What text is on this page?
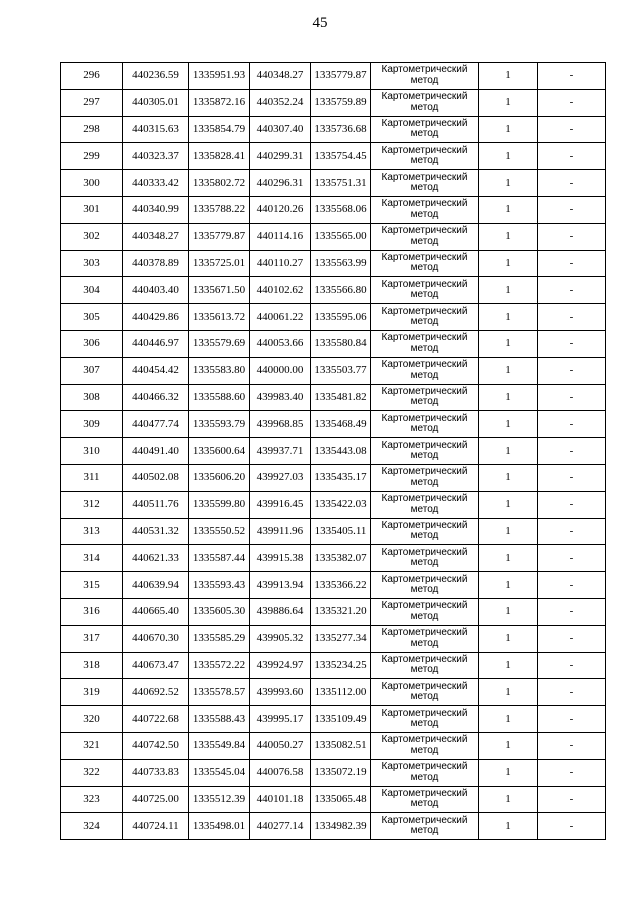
45
296	440236.59	1335951.93	440348.27	1335779.87	Картометрический
метод	1	-
297	440305.01	1335872.16	440352.24	1335759.89	Картометрический
метод	1	-
298	440315.63	1335854.79	440307.40	1335736.68	Картометрический
метод	1	-
299	440323.37	1335828.41	440299.31	1335754.45	Картометрический
метод	1	-
300	440333.42	1335802.72	440296.31	1335751.31	Картометрический
метод	1	-
301	440340.99	1335788.22	440120.26	1335568.06	Картометрический
метод	1	-
302	440348.27	1335779.87	440114.16	1335565.00	Картометрический
метод	1	-
303	440378.89	1335725.01	440110.27	1335563.99	Картометрический
метод	1	-
304	440403.40	1335671.50	440102.62	1335566.80	Картометрический
метод	1	-
305	440429.86	1335613.72	440061.22	1335595.06	Картометрический
метод	1	-
306	440446.97	1335579.69	440053.66	1335580.84	Картометрический
метод	1	-
307	440454.42	1335583.80	440000.00	1335503.77	Картометрический
метод	1	-
308	440466.32	1335588.60	439983.40	1335481.82	Картометрический
метод	1	-
309	440477.74	1335593.79	439968.85	1335468.49	Картометрический
метод	1	-
310	440491.40	1335600.64	439937.71	1335443.08	Картометрический
метод	1	-
311	440502.08	1335606.20	439927.03	1335435.17	Картометрический
метод	1	-
312	440511.76	1335599.80	439916.45	1335422.03	Картометрический
метод	1	-
313	440531.32	1335550.52	439911.96	1335405.11	Картометрический
метод	1	-
314	440621.33	1335587.44	439915.38	1335382.07	Картометрический
метод	1	-
315	440639.94	1335593.43	439913.94	1335366.22	Картометрический
метод	1	-
316	440665.40	1335605.30	439886.64	1335321.20	Картометрический
метод	1	-
317	440670.30	1335585.29	439905.32	1335277.34	Картометрический
метод	1	-
318	440673.47	1335572.22	439924.97	1335234.25	Картометрический
метод	1	-
319	440692.52	1335578.57	439993.60	1335112.00	Картометрический
метод	1	-
320	440722.68	1335588.43	439995.17	1335109.49	Картометрический
метод	1	-
321	440742.50	1335549.84	440050.27	1335082.51	Картометрический
метод	1	-
322	440733.83	1335545.04	440076.58	1335072.19	Картометрический
метод	1	-
323	440725.00	1335512.39	440101.18	1335065.48	Картометрический
метод	1	-
324	440724.11	1335498.01	440277.14	1334982.39	Картометрический
метод	1	-
